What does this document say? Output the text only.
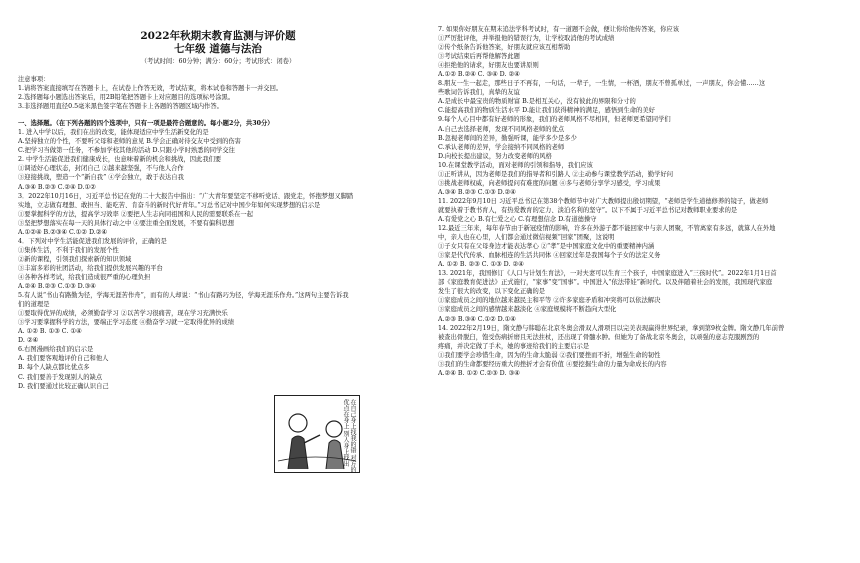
2022年秋期末教育监测与评价题
七年级 道德与法治
（考试时间：60分钟；满分：60分；考试形式：闭卷）
注意事项：
1.请将答案直接填写在答题卡上，在试卷上作答无效，考试结束，将本试卷和答题卡一并交回。
2.选择题每小题选出答案后，用2B铅笔把答题卡上对应题目的选项标号涂黑。
3.非选择题用直径0.5毫米黑色签字笔在答题卡上各题的答题区域内作答。
一、选择题。（在下列各题的四个选项中，只有一项是最符合题意的。每小题2分，共30分）
1. 进入中学以后，我们在出的改变，能体现适应中学生活新变化的是
A.坚持独立的个性，不要听父母和老师的意见 B.学会正确对待交友中受到的伤害
C.把学习当做第一任务，不参加学校其他的活动 D.只跟小学时熟悉的同学交往
2. 中学生活能促进我们健康成长，也意味着新的机会和挑战，因此我们要
①调适好心理状态，封闭自己 ②越来越坚强，不与他人合作
③迎接挑战，塑造一个“新自我” ④学会独立，敢于表达自我
A.③④ B.②③ C.②④ D.①②
3．2022年10月16日，习近平总书记在党的二十大报告中指出：“广大青年要坚定不移听党话、跟党走，怀抱梦想又脚踏
实地，立志做有理想、敢担当、能吃苦、肯奋斗的新时代好青年。”习总书记对中国少年如何实现梦想的启示是
①要掌握科学的方法，提高学习效率 ②要把人生志向同祖国和人民的需要联系在一起
③坚把梦想落实在每一天的具体行动之中 ④要注重全面发展，不要有偏科思想
A.①②④ B.②③④ C.①② D.②④
4．下列对中学生活能促进我们发展的评价，正确的是
①集体生活，不利于我们的发展个性
②新的课程，引领我们探索新的知识领域
③丰富多彩的社团活动，给我们提供发展兴趣的平台
④各种各样考试，给我们造成很严重的心理负担
A.②④ B.②③ C.①③ D.③④
5.有人说“书山有路勤为径，学海无涯苦作舟”，而有的人却说：“书山有路巧为径，学海无涯乐作舟。”这两句主要告诉我
们的道理是
①要取得优异的成绩，必须勤奋学习 ②以苦学习很痛苦，现在学习充满快乐
③学习要掌握科学的方法，要端正学习态度 ④勤奋学习就一定取得优异的成绩
A. ①② B. ①③ C. ①④
D. ②④
6.右图漫画给我们的启示是
A. 我们要客观地评价自己和他人
B. 每个人缺点都比优点多
C. 我们要善于发现别人的缺点
D. 我们要通过比较正确认识自己
在自己身上找我的错 对方的优点在身上 别人身上找出
7. 如果你好朋友在期末追法学科考试时，有一道题不会做，便让你给他传答案，你应该
①严厉批评他，并举报他的错误行为，让学校取消他的考试成绩
②传个纸条告诉他答案，好朋友就应该互相帮助
③考试结束后再帮他解答此题
④拒绝他的请求，好朋友也要讲原则
A.①② B.②④ C. ③④ D. ②④
8.朋友一生一起走，那些日子不再有，一句话，一辈子，一生情，一杯酒，朋友不曾孤单过，一声朋友，你会懂……这
些歌词告诉我们，真挚的友谊
A.是成长中最宝贵的物质财富 B.是相互关心，没有彼此的界限和分寸的
C.能提高我们的物质生活水平 D.能让我们获得精神的满足，感悟到生命的美好
9.每个人心目中都有好老师的形象，我们的老师风格不尽相同，但老师更希望同学们
A.自己去选择老师，发现不同风格老师的优点
B.忽视老师间的差异，勤强听课，能学多少是多少
C.承认老师的差异，学会接纳不同风格的老师
D.向校长提出建议，努力改变老师的风格
10.在课堂教学活动，面对老师的引领和指导，我们应该
①正听讲从，因为老师是我们的指导者和引路人 ②主动参与课堂教学活动，勤学好问
③挑战老师权威，向老师提问有难度的问题 ④多与老师分享学习感受，学习成果
A.③④ B.②③ C.①③ D.②④
11. 2022年9月10日 习近平总书记在第38个教师节中对广大教师提出殷切期望，“老师是学生道德修养的镜子，做老师
就要执着于教书育人，有热爱教育的定力、淡泊名利的坚守”。以下不属于习近平总书记对教师职业要求的是
A.有爱党之心 B.有仁爱之心 C.有理想信念 D.有道德操守
12.最近三年来，每年春节由于新冠疫情的影响，许多在外游子都不能回家中与亲人团聚，不管离家有多远，就算人在外地
中，亲人也在心里，人们都会通过微信视频“回家”团聚，这说明
①子女只有在父母身边才能表达孝心 ②“孝”是中国家庭文化中的重要精神内涵
③家是代代传承、血脉相连的生活共同体 ④回家过年是我国每个子女的法定义务
A. ①② B. ②③ C. ①③ D. ②④
13. 2021年，我国修订《人口与计划生育法》，一对夫妻可以生育三个孩子，中国家庭进入“三孩时代”。2022年1月1日首
部《家庭教育促进法》正式施行，“家事”变“国事”。中国进入“依法带娃”新时代。以及伴随着社会的发展，我国现代家庭
发生了很大的改变，以下变化正确的是
①家庭成员之间的地位越来越民主和平等 ②许多家庭矛盾和冲突将可以依法解决
③家庭成员之间的感情越来越淡化 ④家庭规模将不断趋向大型化
A.②③ B.③④ C.①② D.①④
14. 2022年2月19日，隋文静与韩聪在北京冬奥会滑双人滑项目以完美表现赢得世界纪录，拿到第9枚金牌。隋文静几年前曾
被查出骨脱臼，饱受伤病折磨且无法拄杖，还出现了骨髓水肿。但她为了备战北京冬奥会，以顽强的意志克服剧烈的
疼痛，并决定做了手术，她的事迹给我们的主要启示是
①我们要学会珍惜生命，因为的生命太脆弱 ②我们要挫而不折，增强生命的韧性
③我们的生命都要经历重大的挫折才会有价值 ④要挖掘生命的力量为命成长的内容
A.②④ B. ①② C.②③ D. ③④
